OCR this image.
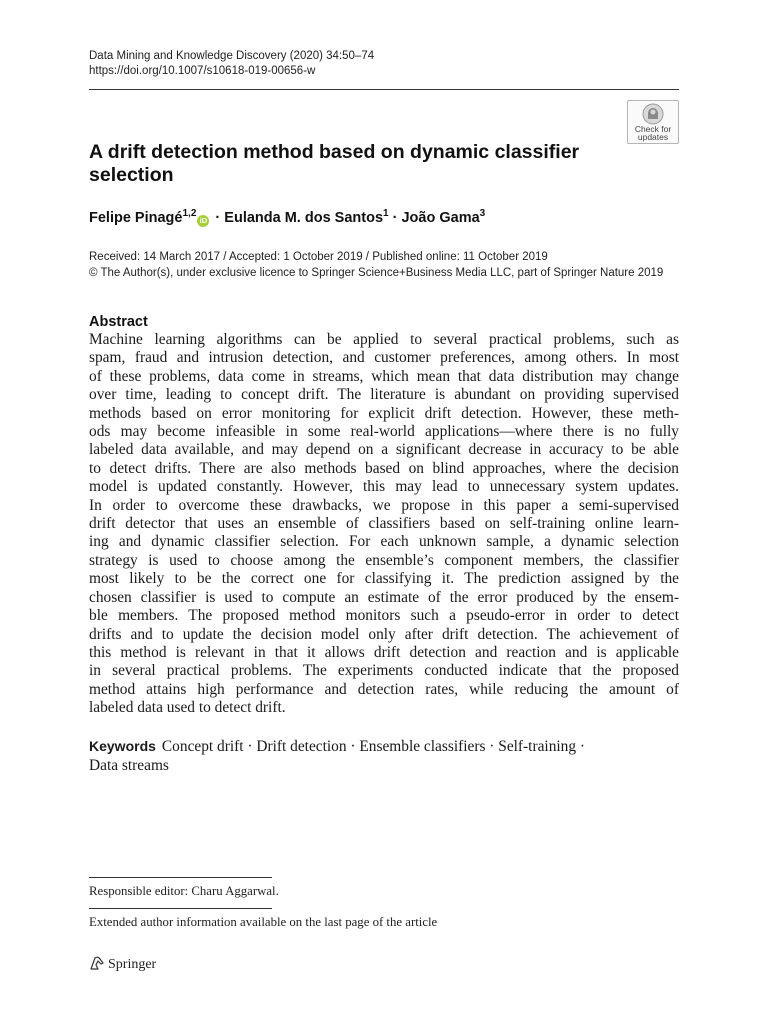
Data Mining and Knowledge Discovery (2020) 34:50–74
https://doi.org/10.1007/s10618-019-00656-w
Check for
updates
A drift detection method based on dynamic classifier selection
Felipe Pinagé$^{1,2}$iD · Eulanda M. dos Santos$^1$ · João Gama$^3$
Received: 14 March 2017 / Accepted: 1 October 2019 / Published online: 11 October 2019
© The Author(s), under exclusive licence to Springer Science+Business Media LLC, part of Springer Nature 2019
Abstract
Machine learning algorithms can be applied to several practical problems, such as
spam, fraud and intrusion detection, and customer preferences, among others. In most
of these problems, data come in streams, which mean that data distribution may change
over time, leading to concept drift. The literature is abundant on providing supervised
methods based on error monitoring for explicit drift detection. However, these meth-
ods may become infeasible in some real-world applications—where there is no fully
labeled data available, and may depend on a significant decrease in accuracy to be able
to detect drifts. There are also methods based on blind approaches, where the decision
model is updated constantly. However, this may lead to unnecessary system updates.
In order to overcome these drawbacks, we propose in this paper a semi-supervised
drift detector that uses an ensemble of classifiers based on self-training online learn-
ing and dynamic classifier selection. For each unknown sample, a dynamic selection
strategy is used to choose among the ensemble’s component members, the classifier
most likely to be the correct one for classifying it. The prediction assigned by the
chosen classifier is used to compute an estimate of the error produced by the ensem-
ble members. The proposed method monitors such a pseudo-error in order to detect
drifts and to update the decision model only after drift detection. The achievement of
this method is relevant in that it allows drift detection and reaction and is applicable
in several practical problems. The experiments conducted indicate that the proposed
method attains high performance and detection rates, while reducing the amount of
labeled data used to detect drift.
Keywords Concept drift · Drift detection · Ensemble classifiers · Self-training ·
Data streams
Responsible editor: Charu Aggarwal.
Extended author information available on the last page of the article
Springer
